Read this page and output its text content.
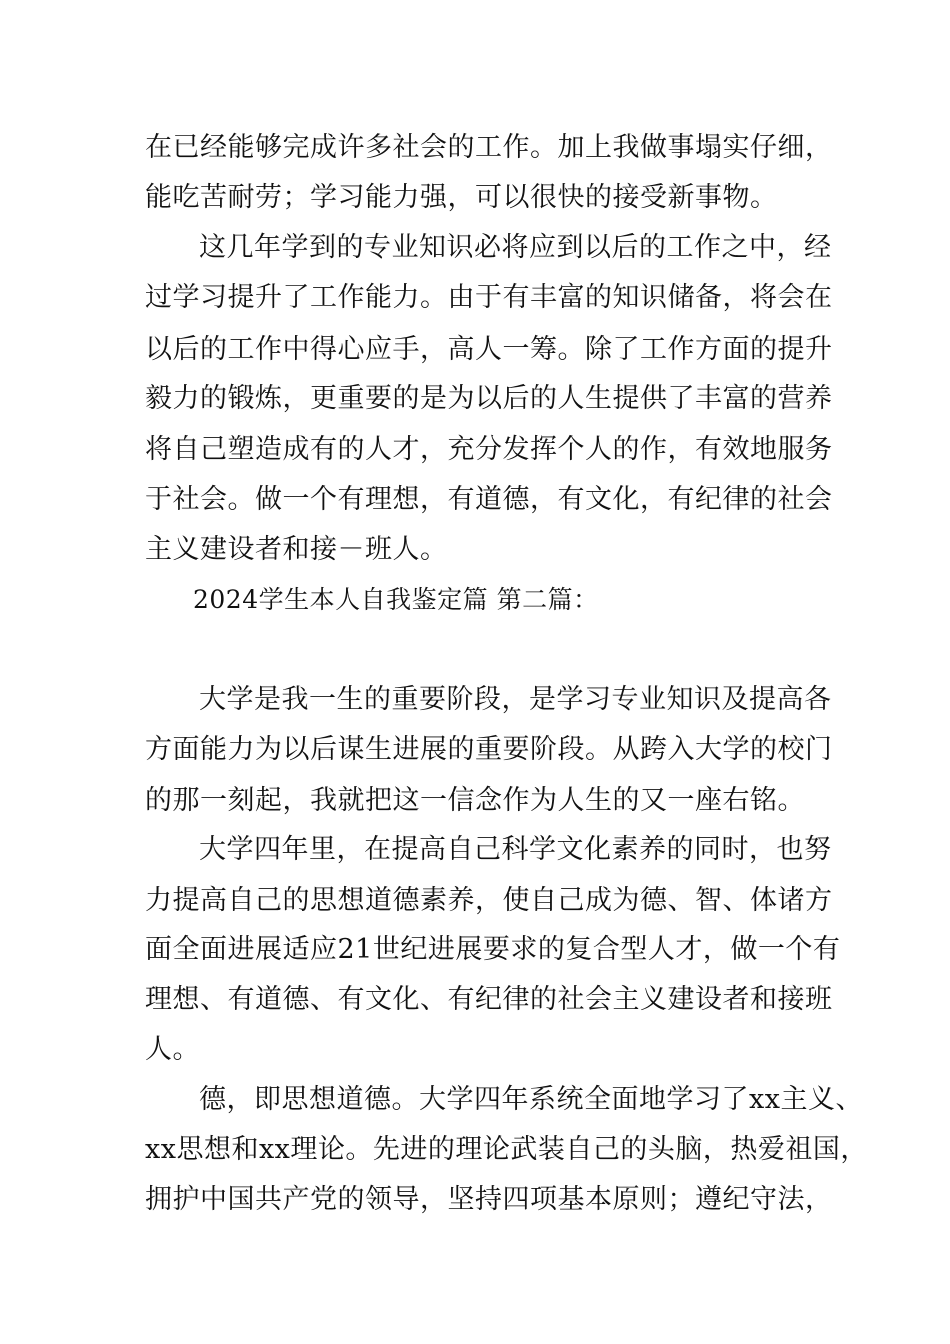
在已经能够完成许多社会的工作。加上我做事塌实仔细，
能吃苦耐劳；学习能力强，可以很快的接受新事物。
这几年学到的专业知识必将应到以后的工作之中，经
过学习提升了工作能力。由于有丰富的知识储备，将会在
以后的工作中得心应手，高人一筹。除了工作方面的提升
毅力的锻炼，更重要的是为以后的人生提供了丰富的营养
将自己塑造成有的人才，充分发挥个人的作，有效地服务
于社会。做一个有理想，有道德，有文化，有纪律的社会
主义建设者和接－班人。
2024学生本人自我鉴定篇 第二篇：
大学是我一生的重要阶段，是学习专业知识及提高各
方面能力为以后谋生进展的重要阶段。从跨入大学的校门
的那一刻起，我就把这一信念作为人生的又一座右铭。
大学四年里，在提高自己科学文化素养的同时，也努
力提高自己的思想道德素养，使自己成为德、智、体诸方
面全面进展适应21世纪进展要求的复合型人才，做一个有
理想、有道德、有文化、有纪律的社会主义建设者和接班
人。
德，即思想道德。大学四年系统全面地学习了xx主义、
xx思想和xx理论。先进的理论武装自己的头脑，热爱祖国，
拥护中国共产党的领导，坚持四项基本原则；遵纪守法，
